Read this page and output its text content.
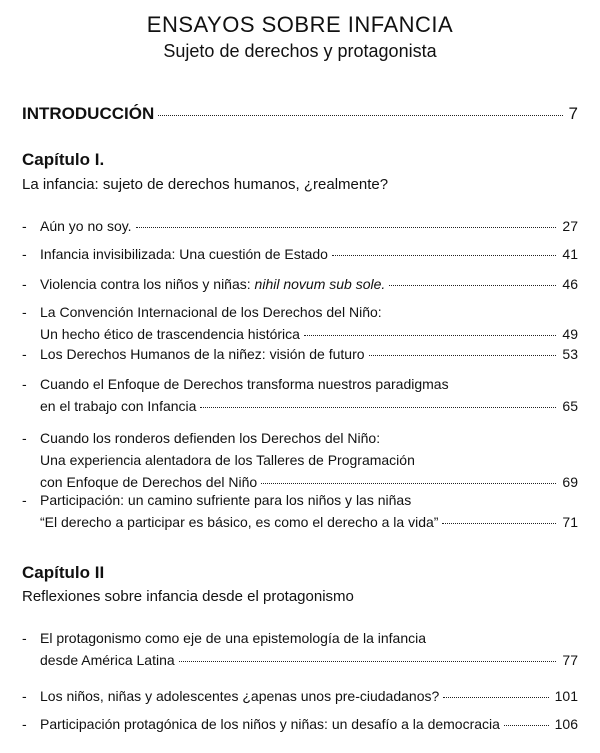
ENSAYOS SOBRE INFANCIA
Sujeto de derechos y protagonista
INTRODUCCIÓN	7
Capítulo I.
La infancia: sujeto de derechos humanos, ¿realmente?
- Aún yo no soy.	27
- Infancia invisibilizada: Una cuestión de Estado	41
- Violencia contra los niños y niñas: nihil novum sub sole.	46
- La Convención Internacional de los Derechos del Niño:
Un hecho ético de trascendencia histórica	49
- Los Derechos Humanos de la niñez: visión de futuro	53
- Cuando el Enfoque de Derechos transforma nuestros paradigmas
en el trabajo con Infancia	65
- Cuando los ronderos defienden los Derechos del Niño:
Una experiencia alentadora de los Talleres de Programación
con Enfoque de Derechos del Niño	69
- Participación: un camino sufriente para los niños y las niñas
“El derecho a participar es básico, es como el derecho a la vida”	71
Capítulo II
Reflexiones sobre infancia desde el protagonismo
- El protagonismo como eje de una epistemología de la infancia
desde América Latina	77
- Los niños, niñas y adolescentes ¿apenas unos pre-ciudadanos?	101
- Participación protagónica de los niños y niñas: un desafío a la democracia	106
